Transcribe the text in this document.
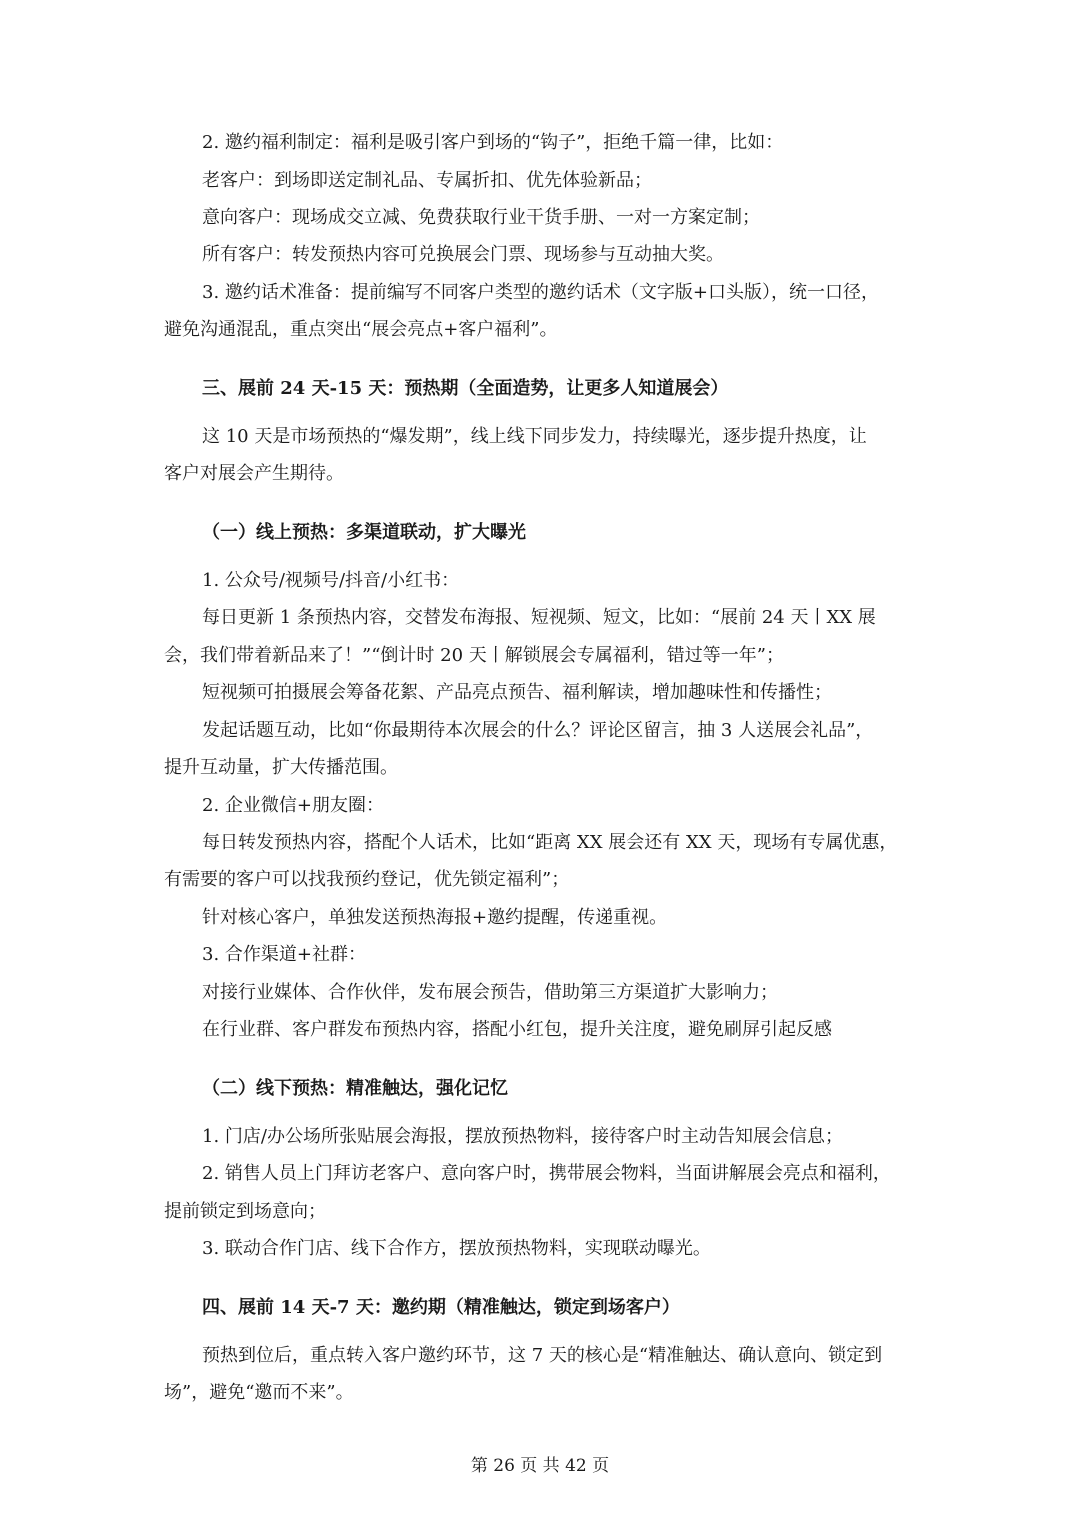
2. 邀约福利制定：福利是吸引客户到场的“钩子”，拒绝千篇一律，比如：
老客户：到场即送定制礼品、专属折扣、优先体验新品；
意向客户：现场成交立减、免费获取行业干货手册、一对一方案定制；
所有客户：转发预热内容可兑换展会门票、现场参与互动抽大奖。
3. 邀约话术准备：提前编写不同客户类型的邀约话术（文字版+口头版），统一口径，
避免沟通混乱，重点突出“展会亮点+客户福利”。
三、展前 24 天-15 天：预热期（全面造势，让更多人知道展会）
这 10 天是市场预热的“爆发期”，线上线下同步发力，持续曝光，逐步提升热度，让
客户对展会产生期待。
（一）线上预热：多渠道联动，扩大曝光
1. 公众号/视频号/抖音/小红书：
每日更新 1 条预热内容，交替发布海报、短视频、短文，比如：“展前 24 天丨XX 展
会，我们带着新品来了！”“倒计时 20 天丨解锁展会专属福利，错过等一年”；
短视频可拍摄展会筹备花絮、产品亮点预告、福利解读，增加趣味性和传播性；
发起话题互动，比如“你最期待本次展会的什么？评论区留言，抽 3 人送展会礼品”，
提升互动量，扩大传播范围。
2. 企业微信+朋友圈：
每日转发预热内容，搭配个人话术，比如“距离 XX 展会还有 XX 天，现场有专属优惠，
有需要的客户可以找我预约登记，优先锁定福利”；
针对核心客户，单独发送预热海报+邀约提醒，传递重视。
3. 合作渠道+社群：
对接行业媒体、合作伙伴，发布展会预告，借助第三方渠道扩大影响力；
在行业群、客户群发布预热内容，搭配小红包，提升关注度，避免刷屏引起反感
（二）线下预热：精准触达，强化记忆
1. 门店/办公场所张贴展会海报，摆放预热物料，接待客户时主动告知展会信息；
2. 销售人员上门拜访老客户、意向客户时，携带展会物料，当面讲解展会亮点和福利，
提前锁定到场意向；
3. 联动合作门店、线下合作方，摆放预热物料，实现联动曝光。
四、展前 14 天-7 天：邀约期（精准触达，锁定到场客户）
预热到位后，重点转入客户邀约环节，这 7 天的核心是“精准触达、确认意向、锁定到
场”，避免“邀而不来”。
第 26 页 共 42 页
